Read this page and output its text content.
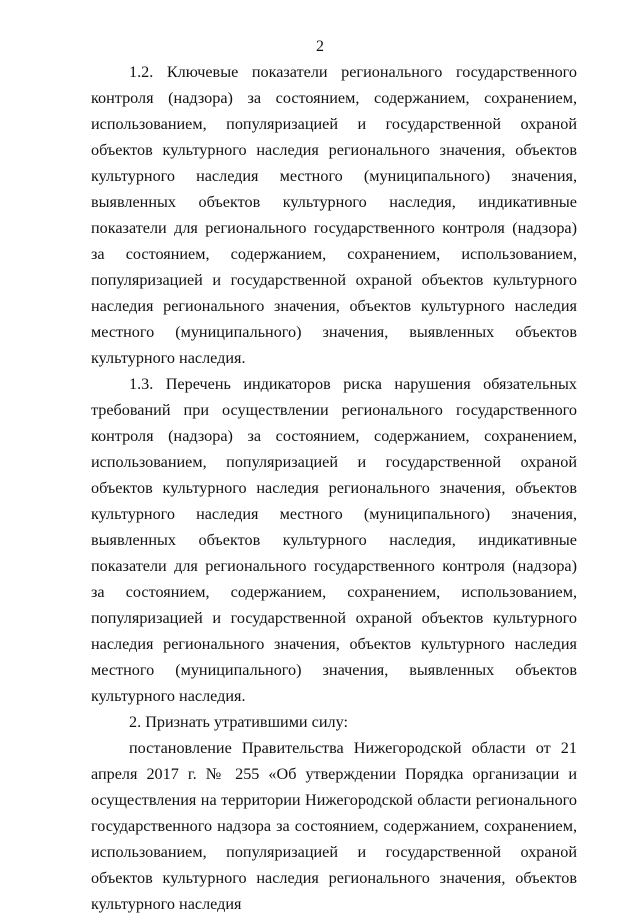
2

1.2. Ключевые показатели регионального государственного контроля (надзора) за состоянием, содержанием, сохранением, использованием, популяризацией и государственной охраной объектов культурного наследия регионального значения, объектов культурного наследия местного (муниципального) значения, выявленных объектов культурного наследия, индикативные показатели для регионального государственного контроля (надзора) за состоянием, содержанием, сохранением, использованием, популяризацией и государственной охраной объектов культурного наследия регионального значения, объектов культурного наследия местного (муниципального) значения, выявленных объектов культурного наследия.

1.3. Перечень индикаторов риска нарушения обязательных требований при осуществлении регионального государственного контроля (надзора) за состоянием, содержанием, сохранением, использованием, популяризацией и государственной охраной объектов культурного наследия регионального значения, объектов культурного наследия местного (муниципального) значения, выявленных объектов культурного наследия, индикативные показатели для регионального государственного контроля (надзора) за состоянием, содержанием, сохранением, использованием, популяризацией и государственной охраной объектов культурного наследия регионального значения, объектов культурного наследия местного (муниципального) значения, выявленных объектов культурного наследия.

2. Признать утратившими силу:

постановление Правительства Нижегородской области от 21 апреля 2017 г. № 255 «Об утверждении Порядка организации и осуществления на территории Нижегородской области регионального государственного надзора за состоянием, содержанием, сохранением, использованием, популяризацией и государственной охраной объектов культурного наследия регионального значения, объектов культурного наследия
